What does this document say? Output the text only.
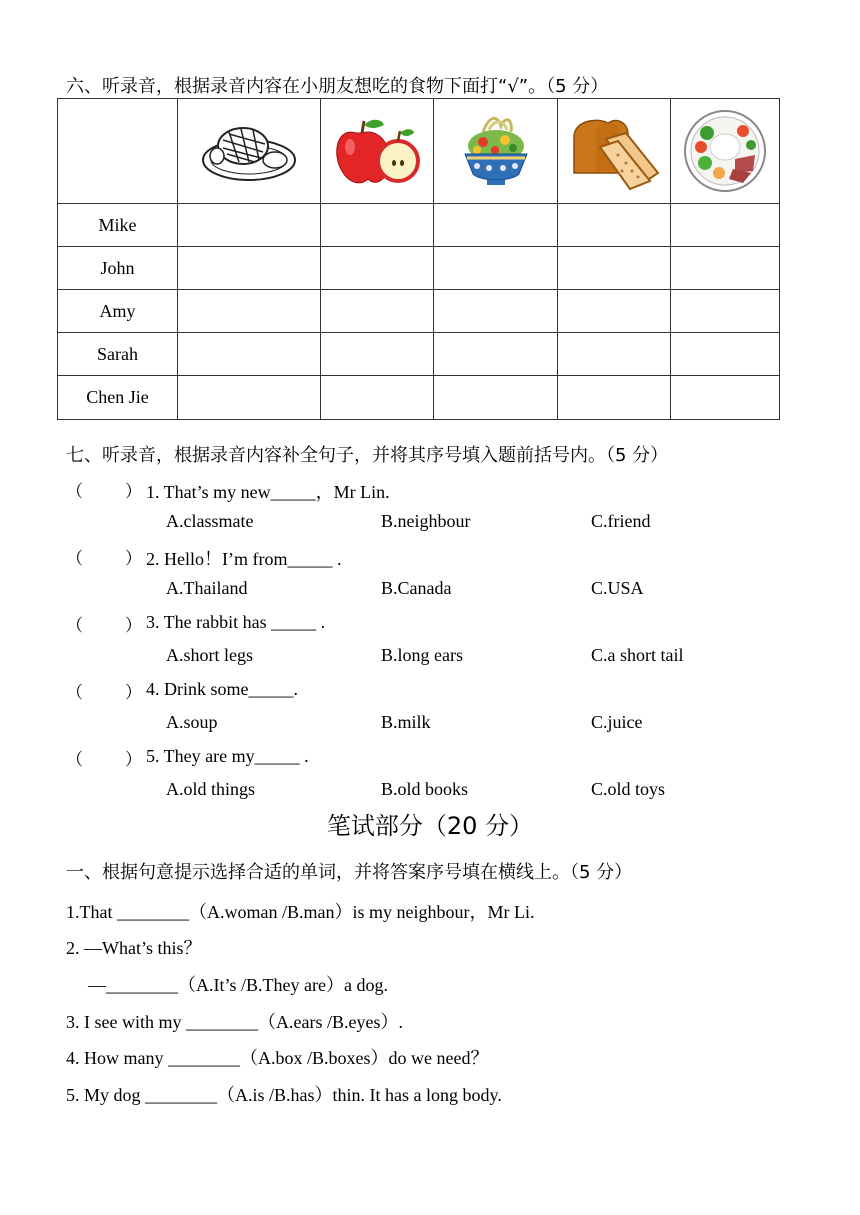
六、听录音，根据录音内容在小朋友想吃的食物下面打“√”。（5 分）

Mike					
John					
Amy					
Sarah					
Chen Jie					
七、听录音，根据录音内容补全句子，并将其序号填入题前括号内。（5 分）
（ ） 1. That’s my new_____，Mr Lin.
A.classmate	B.neighbour	C.friend
（ ） 2. Hello！I’m from_____ .
A.Thailand	B.Canada	C.USA
（ ） 3. The rabbit has _____ .
A.short legs	B.long ears	C.a short tail
（ ） 4. Drink some_____.
A.soup	B.milk	C.juice
（ ） 5. They are my_____ .
A.old things	B.old books	C.old toys
笔试部分（20 分）
一、根据句意提示选择合适的单词，并将答案序号填在横线上。（5 分）
1.That ________（A.woman /B.man）is my neighbour，Mr Li.
2. —What’s this？
—________（A.It’s /B.They are）a dog.
3. I see with my ________（A.ears /B.eyes）.
4. How many ________（A.box /B.boxes）do we need？
5. My dog ________（A.is /B.has）thin. It has a long body.
